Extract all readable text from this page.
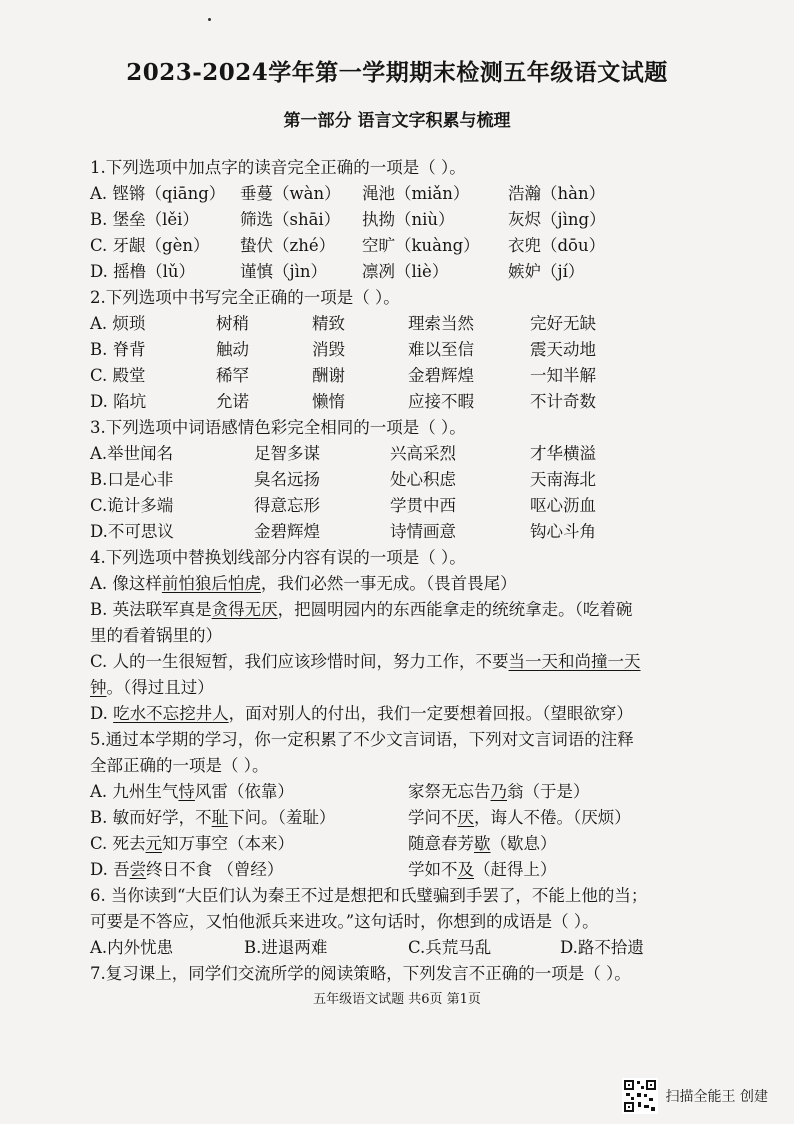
2023-2024学年第一学期期末检测五年级语文试题
第一部分 语言文字积累与梳理
1.下列选项中加点字的读音完全正确的一项是（ ）。
A. 铿锵（qiāng） 垂蔓（wàn） 渑池（miǎn） 浩瀚（hàn）
B. 堡垒（lěi） 筛选（shāi） 执拗（niù）	灰烬（jìng）
C. 牙龈（gèn） 蛰伏（zhé） 空旷（kuàng） 衣兜（dōu）
D. 摇橹（lǔ）	谨慎（jìn） 凛冽（liè）	嫉妒（jí）
2.下列选项中书写完全正确的一项是（ ）。
A. 烦琐	树稍	精致	理索当然	完好无缺
B. 脊背	触动	消毁	难以至信	震天动地
C. 殿堂	稀罕	酬谢	金碧辉煌	一知半解
D. 陷坑	允诺	懒惰	应接不暇	不计奇数
3.下列选项中词语感情色彩完全相同的一项是（ ）。
A.举世闻名	足智多谋	兴高采烈	才华横溢
B.口是心非	臭名远扬	处心积虑	天南海北
C.诡计多端	得意忘形	学贯中西	呕心沥血
D.不可思议	金碧辉煌	诗情画意	钩心斗角
4.下列选项中替换划线部分内容有误的一项是（ ）。
A. 像这样前怕狼后怕虎，我们必然一事无成。（畏首畏尾）
B. 英法联军真是贪得无厌，把圆明园内的东西能拿走的统统拿走。（吃着碗
里的看着锅里的）
C. 人的一生很短暂，我们应该珍惜时间，努力工作，不要当一天和尚撞一天
钟。（得过且过）
D. 吃水不忘挖井人，面对别人的付出，我们一定要想着回报。（望眼欲穿）
5.通过本学期的学习，你一定积累了不少文言词语，下列对文言词语的注释
全部正确的一项是（ ）。
A. 九州生气恃风雷（依靠）	家祭无忘告乃翁（于是）
B. 敏而好学，不耻下问。（羞耻）	学问不厌，诲人不倦。（厌烦）
C. 死去元知万事空（本来）	随意春芳歇（歇息）
D. 吾尝终日不食 （曾经）	学如不及（赶得上）
6. 当你读到“大臣们认为秦王不过是想把和氏璧骗到手罢了，不能上他的当；
可要是不答应，又怕他派兵来进攻。”这句话时，你想到的成语是（ ）。
A.内外忧患	B.进退两难	C.兵荒马乱	D.路不拾遗
7.复习课上，同学们交流所学的阅读策略，下列发言不正确的一项是（ ）。
五年级语文试题 共6页 第1页
扫描全能王 创建
